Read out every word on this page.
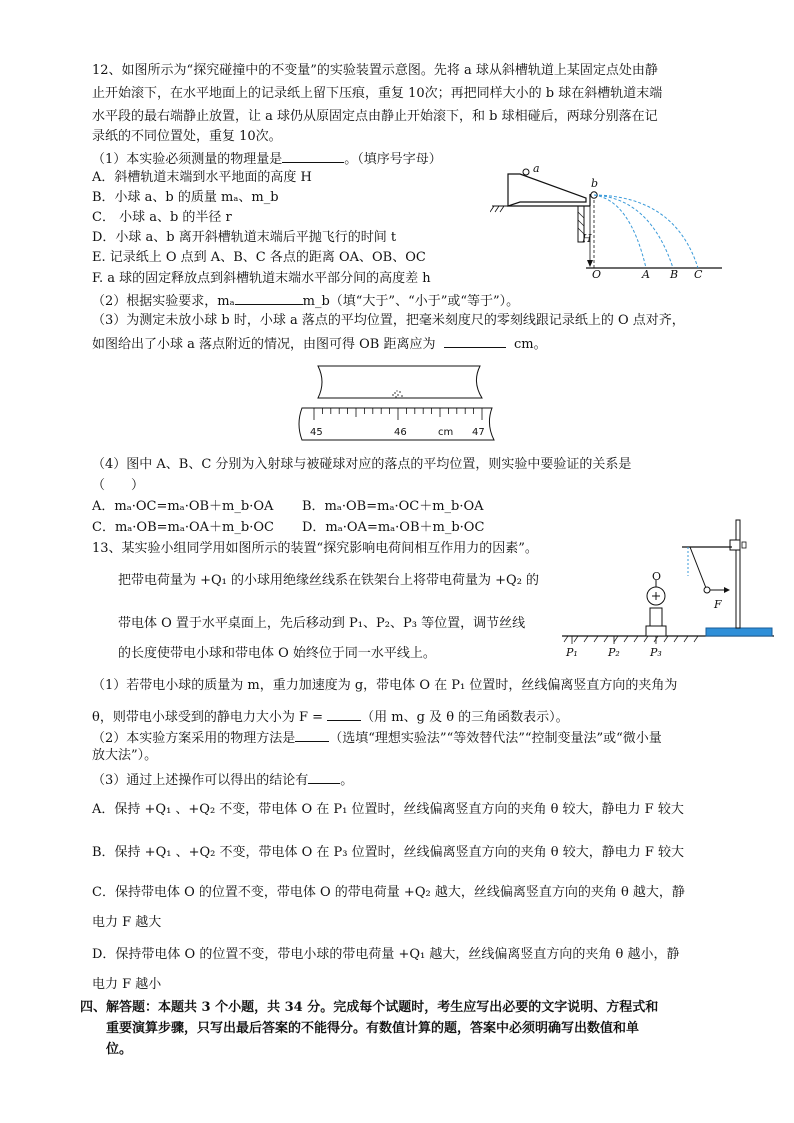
12、如图所示为“探究碰撞中的不变量”的实验装置示意图。先将 a 球从斜槽轨道上某固定点处由静
止开始滚下，在水平地面上的记录纸上留下压痕，重复 10次；再把同样大小的 b 球在斜槽轨道末端
水平段的最右端静止放置，让 a 球仍从原固定点由静止开始滚下，和 b 球相碰后，两球分别落在记
录纸的不同位置处，重复 10次。
（1）本实验必须测量的物理量是	。（填序号字母）
A．斜槽轨道末端到水平地面的高度 H
B．小球 a、b 的质量 mₐ、m_b
C． 小球 a、b 的半径 r
D．小球 a、b 离开斜槽轨道末端后平抛飞行的时间 t
E. 记录纸上 O 点到 A、B、C 各点的距离 OA、OB、OC
F. a 球的固定释放点到斜槽轨道末端水平部分间的高度差 h
（2）根据实验要求，mₐ	m_b（填“大于”、“小于”或“等于”）。
（3）为测定未放小球 b 时，小球 a 落点的平均位置，把毫米刻度尺的零刻线跟记录纸上的 O 点对齐，
如图给出了小球 a 落点附近的情况，由图可得 OB 距离应为	cm。
a
b
H
O	A B C
45	46	cm 47
（4）图中 A、B、C 分别为入射球与被碰球对应的落点的平均位置，则实验中要验证的关系是
（　　）
A．mₐ·OC=mₐ·OB＋m_b·OA B．mₐ·OB=mₐ·OC＋m_b·OA
C．mₐ·OB=mₐ·OA＋m_b·OC D．mₐ·OA=mₐ·OB＋m_b·OC
13、某实验小组同学用如图所示的装置“探究影响电荷间相互作用力的因素”。
把带电荷量为 +Q₁ 的小球用绝缘丝线系在铁架台上将带电荷量为 +Q₂ 的
带电体 O 置于水平桌面上，先后移动到 P₁、P₂、P₃ 等位置，调节丝线
的长度使带电小球和带电体 O 始终位于同一水平线上。
F
O
P₁	P₂	P₃
（1）若带电小球的质量为 m，重力加速度为 g，带电体 O 在 P₁ 位置时，丝线偏离竖直方向的夹角为
θ，则带电小球受到的静电力大小为 F =	（用 m、g 及 θ 的三角函数表示）。
（2）本实验方案采用的物理方法是	（选填“理想实验法”“等效替代法”“控制变量法”或“微小量
放大法”）。
（3）通过上述操作可以得出的结论有 。
A．保持 +Q₁ 、+Q₂ 不变，带电体 O 在 P₁ 位置时，丝线偏离竖直方向的夹角 θ 较大，静电力 F 较大
B．保持 +Q₁ 、+Q₂ 不变，带电体 O 在 P₃ 位置时，丝线偏离竖直方向的夹角 θ 较大，静电力 F 较大
C．保持带电体 O 的位置不变，带电体 O 的带电荷量 +Q₂ 越大，丝线偏离竖直方向的夹角 θ 越大，静
电力 F 越大
D．保持带电体 O 的位置不变，带电小球的带电荷量 +Q₁ 越大，丝线偏离竖直方向的夹角 θ 越小，静
电力 F 越小
四、解答题：本题共 3 个小题，共 34 分。完成每个试题时，考生应写出必要的文字说明、方程式和
重要演算步骤，只写出最后答案的不能得分。有数值计算的题，答案中必须明确写出数值和单
位。
